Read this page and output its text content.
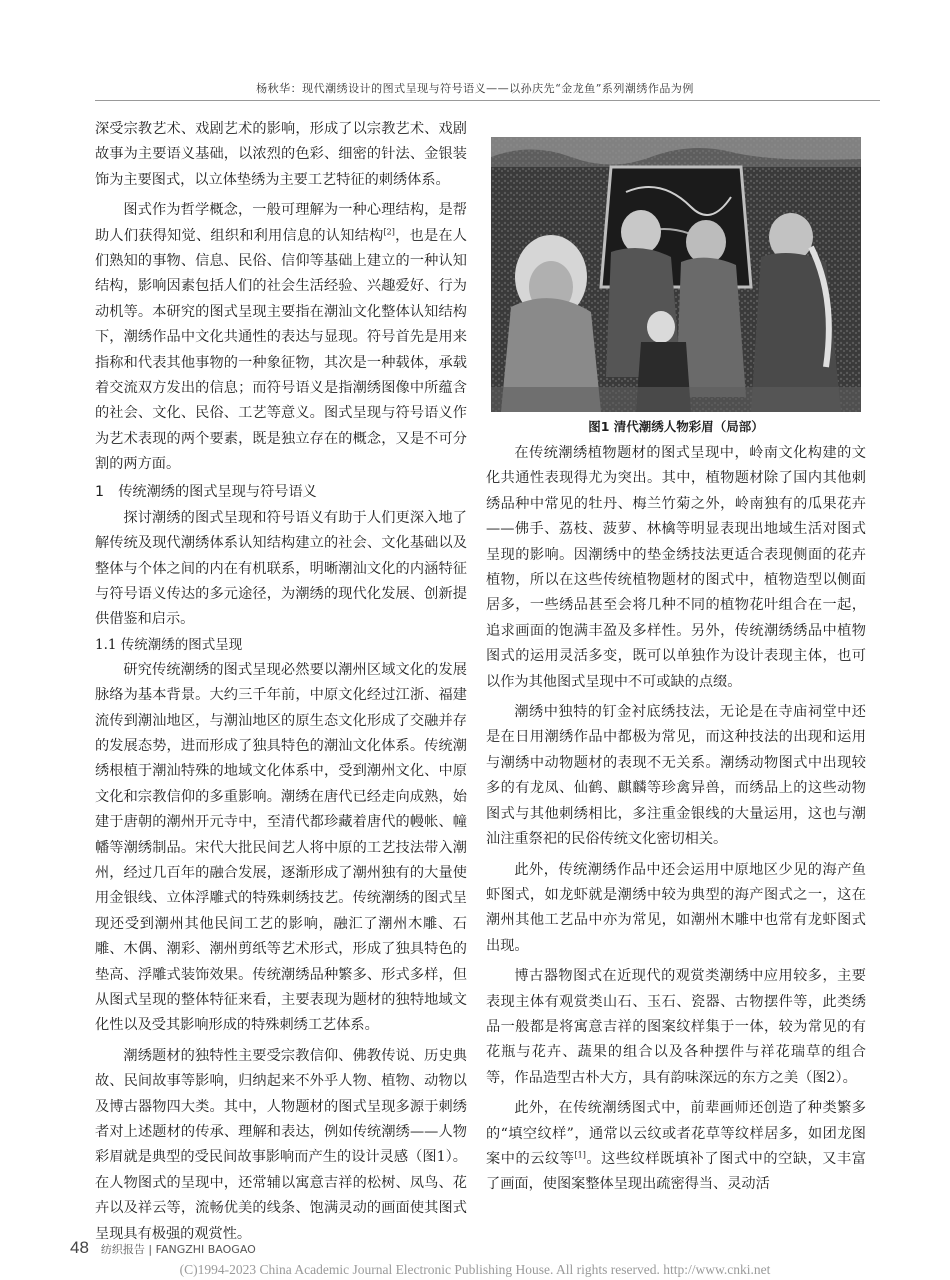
杨秋华：现代潮绣设计的图式呈现与符号语义——以孙庆先“金龙鱼”系列潮绣作品为例

深受宗教艺术、戏剧艺术的影响，形成了以宗教艺术、戏剧故事为主要语义基础，以浓烈的色彩、细密的针法、金银装饰为主要图式，以立体垫绣为主要工艺特征的刺绣体系。

图式作为哲学概念，一般可理解为一种心理结构，是帮助人们获得知觉、组织和利用信息的认知结构[2]，也是在人们熟知的事物、信息、民俗、信仰等基础上建立的一种认知结构，影响因素包括人们的社会生活经验、兴趣爱好、行为动机等。本研究的图式呈现主要指在潮汕文化整体认知结构下，潮绣作品中文化共通性的表达与显现。符号首先是用来指称和代表其他事物的一种象征物，其次是一种载体，承载着交流双方发出的信息；而符号语义是指潮绣图像中所蕴含的社会、文化、民俗、工艺等意义。图式呈现与符号语义作为艺术表现的两个要素，既是独立存在的概念，又是不可分割的两方面。

1　传统潮绣的图式呈现与符号语义

探讨潮绣的图式呈现和符号语义有助于人们更深入地了解传统及现代潮绣体系认知结构建立的社会、文化基础以及整体与个体之间的内在有机联系，明晰潮汕文化的内涵特征与符号语义传达的多元途径，为潮绣的现代化发展、创新提供借鉴和启示。

1.1 传统潮绣的图式呈现

研究传统潮绣的图式呈现必然要以潮州区域文化的发展脉络为基本背景。大约三千年前，中原文化经过江浙、福建流传到潮汕地区，与潮汕地区的原生态文化形成了交融并存的发展态势，进而形成了独具特色的潮汕文化体系。传统潮绣根植于潮汕特殊的地域文化体系中，受到潮州文化、中原文化和宗教信仰的多重影响。潮绣在唐代已经走向成熟，始建于唐朝的潮州开元寺中，至清代都珍藏着唐代的幔帐、幢幡等潮绣制品。宋代大批民间艺人将中原的工艺技法带入潮州，经过几百年的融合发展，逐渐形成了潮州独有的大量使用金银线、立体浮雕式的特殊刺绣技艺。传统潮绣的图式呈现还受到潮州其他民间工艺的影响，融汇了潮州木雕、石雕、木偶、潮彩、潮州剪纸等艺术形式，形成了独具特色的垫高、浮雕式装饰效果。传统潮绣品种繁多、形式多样，但从图式呈现的整体特征来看，主要表现为题材的独特地域文化性以及受其影响形成的特殊刺绣工艺体系。

潮绣题材的独特性主要受宗教信仰、佛教传说、历史典故、民间故事等影响，归纳起来不外乎人物、植物、动物以及博古器物四大类。其中，人物题材的图式呈现多源于刺绣者对上述题材的传承、理解和表达，例如传统潮绣——人物彩眉就是典型的受民间故事影响而产生的设计灵感（图1）。在人物图式的呈现中，还常辅以寓意吉祥的松树、凤鸟、花卉以及祥云等，流畅优美的线条、饱满灵动的画面使其图式呈现具有极强的观赏性。

图1 清代潮绣人物彩眉（局部）

在传统潮绣植物题材的图式呈现中，岭南文化构建的文化共通性表现得尤为突出。其中，植物题材除了国内其他刺绣品种中常见的牡丹、梅兰竹菊之外，岭南独有的瓜果花卉——佛手、荔枝、菠萝、林檎等明显表现出地域生活对图式呈现的影响。因潮绣中的垫金绣技法更适合表现侧面的花卉植物，所以在这些传统植物题材的图式中，植物造型以侧面居多，一些绣品甚至会将几种不同的植物花叶组合在一起，追求画面的饱满丰盈及多样性。另外，传统潮绣绣品中植物图式的运用灵活多变，既可以单独作为设计表现主体，也可以作为其他图式呈现中不可或缺的点缀。

潮绣中独特的钉金衬底绣技法，无论是在寺庙祠堂中还是在日用潮绣作品中都极为常见，而这种技法的出现和运用与潮绣中动物题材的表现不无关系。潮绣动物图式中出现较多的有龙凤、仙鹤、麒麟等珍禽异兽，而绣品上的这些动物图式与其他刺绣相比，多注重金银线的大量运用，这也与潮汕注重祭祀的民俗传统文化密切相关。

此外，传统潮绣作品中还会运用中原地区少见的海产鱼虾图式，如龙虾就是潮绣中较为典型的海产图式之一，这在潮州其他工艺品中亦为常见，如潮州木雕中也常有龙虾图式出现。

博古器物图式在近现代的观赏类潮绣中应用较多，主要表现主体有观赏类山石、玉石、瓷器、古物摆件等，此类绣品一般都是将寓意吉祥的图案纹样集于一体，较为常见的有花瓶与花卉、蔬果的组合以及各种摆件与祥花瑞草的组合等，作品造型古朴大方，具有韵味深远的东方之美（图2）。

此外，在传统潮绣图式中，前辈画师还创造了种类繁多的“填空纹样”，通常以云纹或者花草等纹样居多，如团龙图案中的云纹等[1]。这些纹样既填补了图式中的空缺，又丰富了画面，使图案整体呈现出疏密得当、灵动活

48 纺织报告 | FANGZHI BAOGAO
(C)1994-2023 China Academic Journal Electronic Publishing House. All rights reserved. http://www.cnki.net
